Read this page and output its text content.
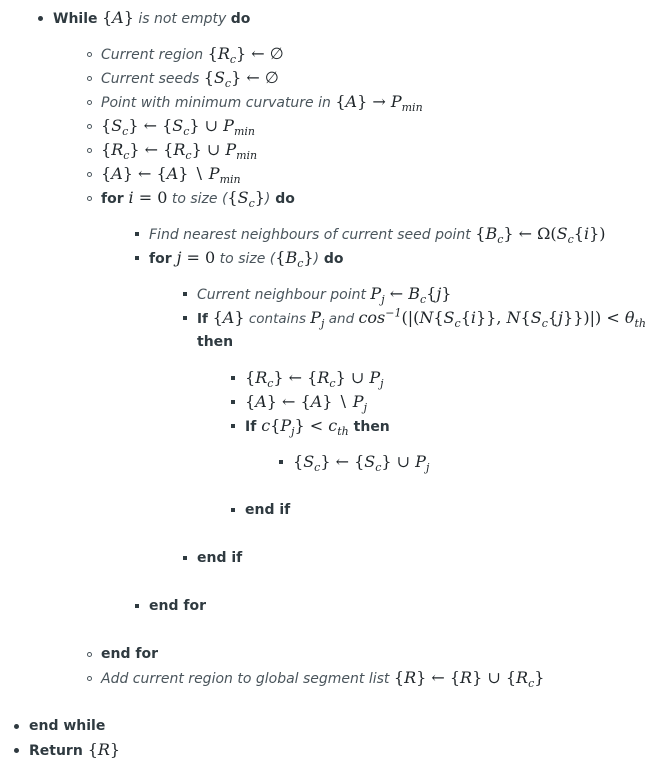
While {A} is not empty do
Current region $\{R_c\}$ ← ∅
Current seeds $\{S_c\}$ ← ∅
Point with minimum curvature in $\{A\} \to P_{min}$
$\{S_c\}$ ← $\{S_c\}$ ∪ $P_{min}$
$\{R_c\}$ ← $\{R_c\}$ ∪ $P_{min}$
{A} ← {A} ∖ $P_{min}$
for i = 0 to size $(\{S_c\})$ do
Find nearest neighbours of current seed point $\{B_c\}$ ← $\Omega(S_c\{i\})$
for j = 0 to size $(\{B_c\})$ do
Current neighbour point $P_j$ ← $B_c\{j\}$
If {A} contains $P_j$ and $\cos^{-1}(|(N\{S_c\{i\}\}$, $N\{S_c\{j\}\})|) < \theta_{th}$
then
$\{R_c\}$ ← $\{R_c\}$ ∪ $P_j$
{A} ← {A} ∖ $P_j$
If $c\{P_j\} < c_{th}$ then
$\{S_c\}$ ← $\{S_c\}$ ∪ $P_j$
end if
end if
end for
end for
Add current region to global segment list {R} ← {R} ∪ $\{R_c\}$
end while
Return {R}
